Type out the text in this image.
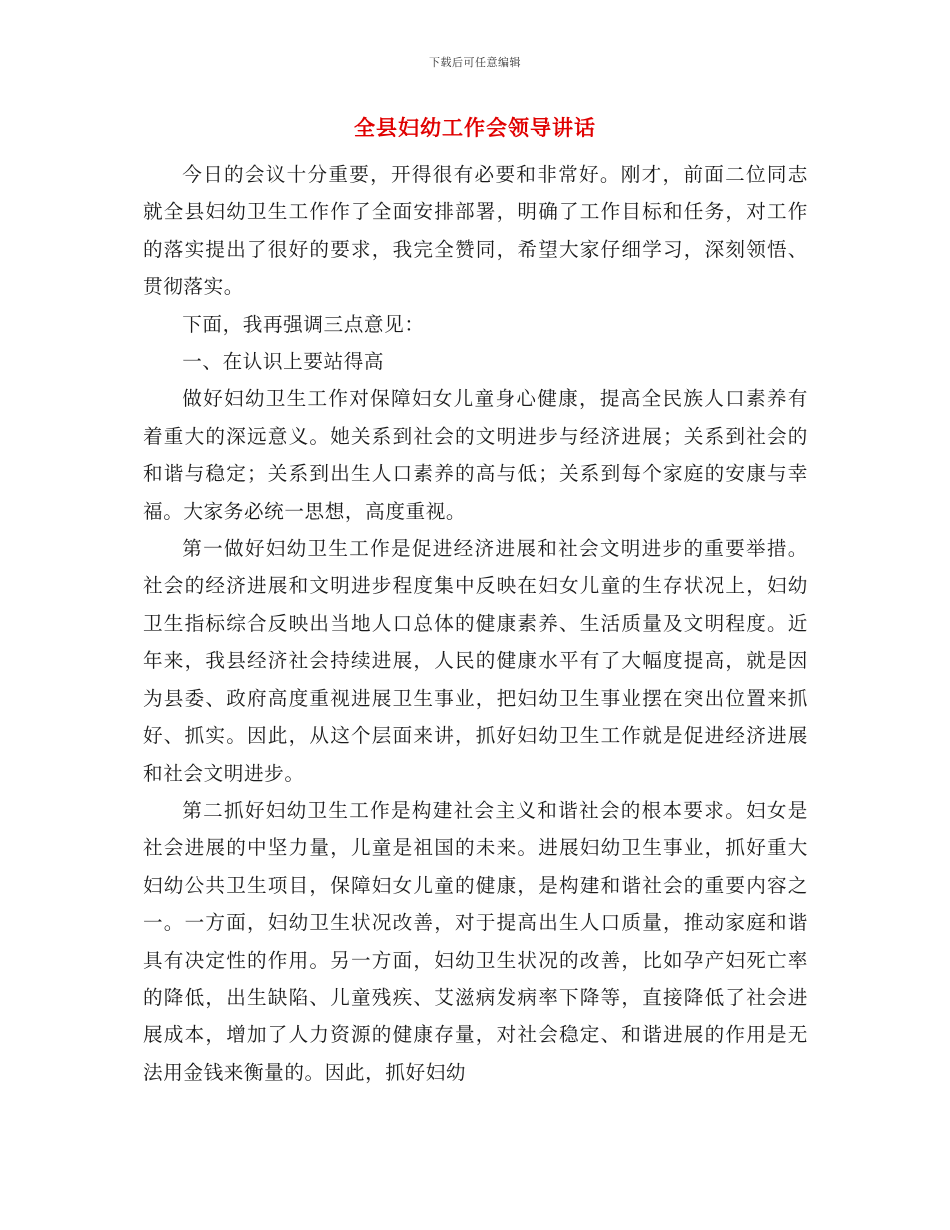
下载后可任意编辑
全县妇幼工作会领导讲话

今日的会议十分重要，开得很有必要和非常好。刚才，前面二位同志就全县妇幼卫生工作作了全面安排部署，明确了工作目标和任务，对工作的落实提出了很好的要求，我完全赞同，希望大家仔细学习，深刻领悟、贯彻落实。

下面，我再强调三点意见：

一、在认识上要站得高

做好妇幼卫生工作对保障妇女儿童身心健康，提高全民族人口素养有着重大的深远意义。她关系到社会的文明进步与经济进展；关系到社会的和谐与稳定；关系到出生人口素养的高与低；关系到每个家庭的安康与幸福。大家务必统一思想，高度重视。

第一做好妇幼卫生工作是促进经济进展和社会文明进步的重要举措。社会的经济进展和文明进步程度集中反映在妇女儿童的生存状况上，妇幼卫生指标综合反映出当地人口总体的健康素养、生活质量及文明程度。近年来，我县经济社会持续进展，人民的健康水平有了大幅度提高，就是因为县委、政府高度重视进展卫生事业，把妇幼卫生事业摆在突出位置来抓好、抓实。因此，从这个层面来讲，抓好妇幼卫生工作就是促进经济进展和社会文明进步。

第二抓好妇幼卫生工作是构建社会主义和谐社会的根本要求。妇女是社会进展的中坚力量，儿童是祖国的未来。进展妇幼卫生事业，抓好重大妇幼公共卫生项目，保障妇女儿童的健康，是构建和谐社会的重要内容之一。一方面，妇幼卫生状况改善，对于提高出生人口质量，推动家庭和谐具有决定性的作用。另一方面，妇幼卫生状况的改善，比如孕产妇死亡率的降低，出生缺陷、儿童残疾、艾滋病发病率下降等，直接降低了社会进展成本，增加了人力资源的健康存量，对社会稳定、和谐进展的作用是无法用金钱来衡量的。因此，抓好妇幼
